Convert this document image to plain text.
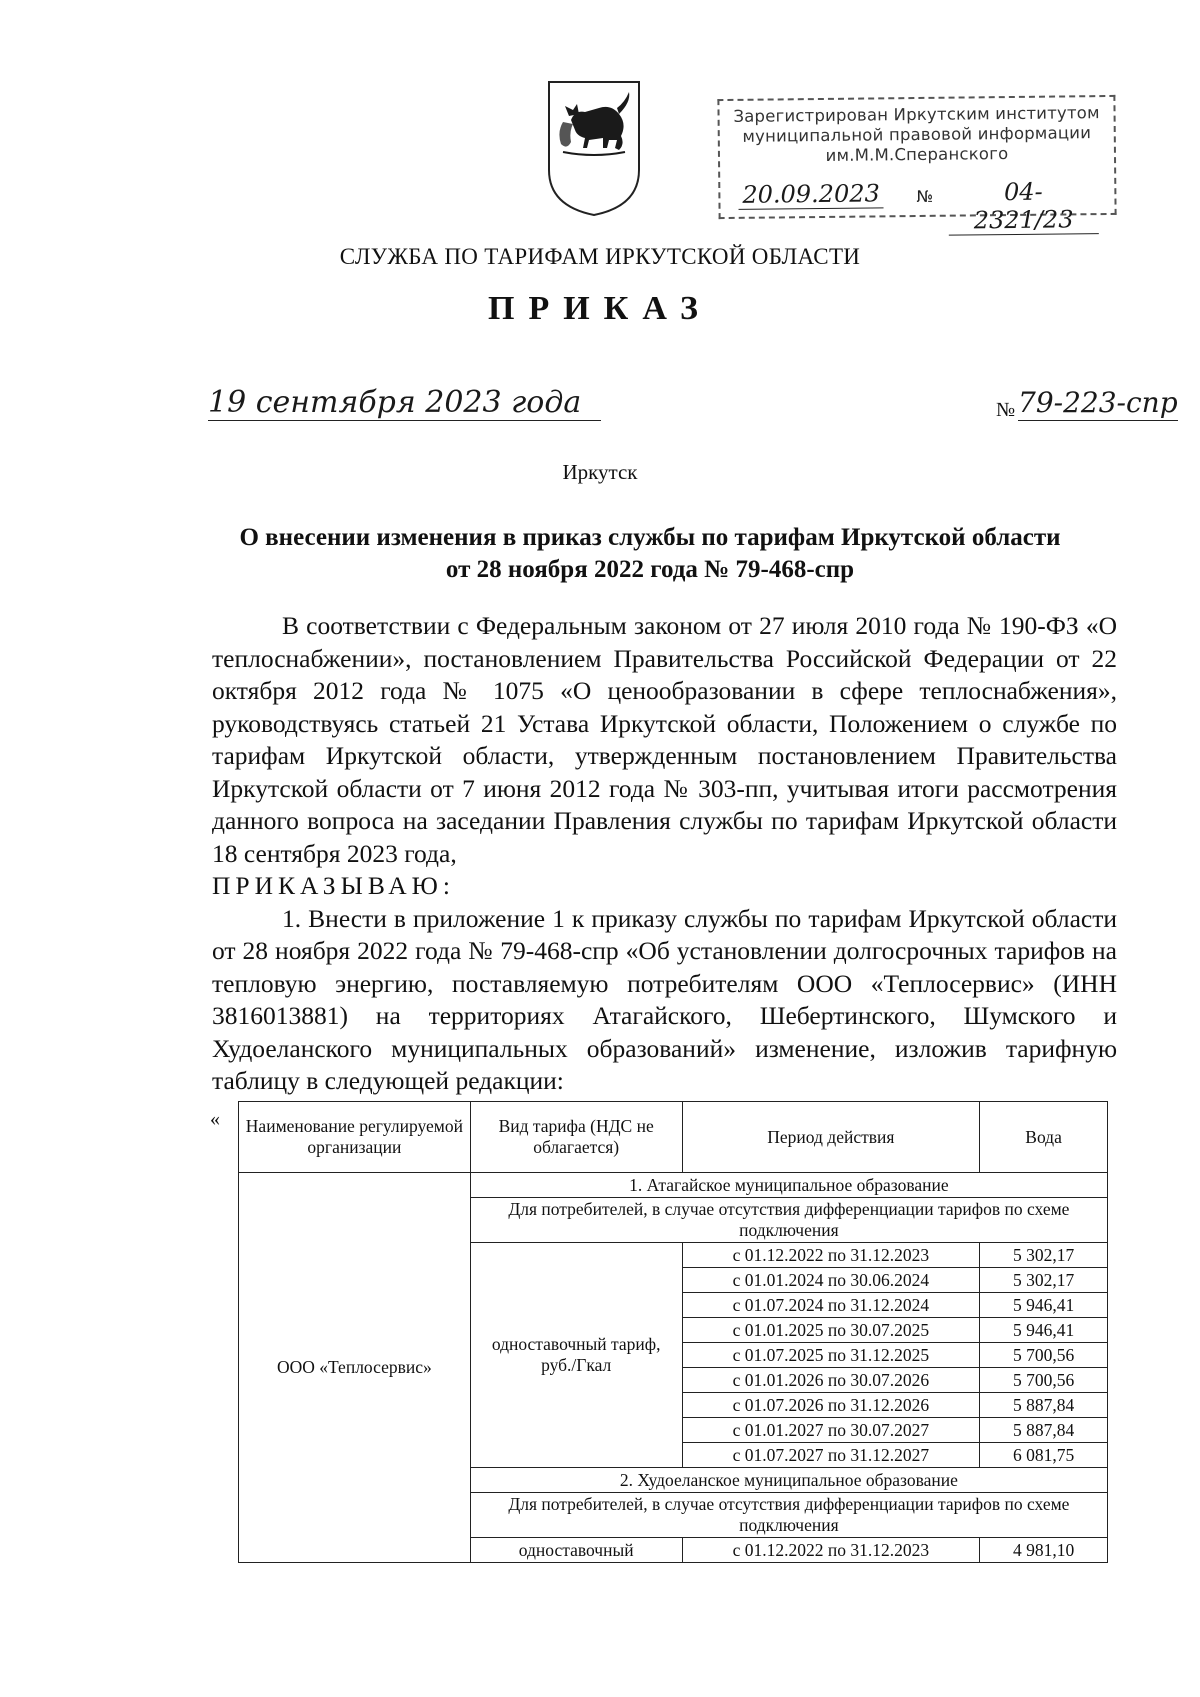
Зарегистрирован Иркутским институтом
муниципальной правовой информации
им.М.М.Сперанского
20.09.2023 №	04-2321/23
СЛУЖБА ПО ТАРИФАМ ИРКУТСКОЙ ОБЛАСТИ
ПРИКАЗ
19 сентября 2023 года	№ 79-223-спр
Иркутск
О внесении изменения в приказ службы по тарифам Иркутской области
от 28 ноября 2022 года № 79-468-спр

В соответствии с Федеральным законом от 27 июля 2010 года № 190-ФЗ «О теплоснабжении», постановлением Правительства Российской Федерации от 22 октября 2012 года № 1075 «О ценообразовании в сфере теплоснабжения», руководствуясь статьей 21 Устава Иркутской области, Положением о службе по тарифам Иркутской области, утвержденным постановлением Правительства Иркутской области от 7 июня 2012 года № 303-пп, учитывая итоги рассмотрения данного вопроса на заседании Правления службы по тарифам Иркутской области 18 сентября 2023 года,

ПРИКАЗЫВАЮ:

1. Внести в приложение 1 к приказу службы по тарифам Иркутской области от 28 ноября 2022 года № 79-468-спр «Об установлении долгосрочных тарифов на тепловую энергию, поставляемую потребителям ООО «Теплосервис» (ИНН 3816013881) на территориях Атагайского, Шебертинского, Шумского и Худоеланского муниципальных образований» изменение, изложив тарифную таблицу в следующей редакции:

« Наименование регулируемой организации	Вид тарифа (НДС не облагается)	Период действия	Вода
ООО «Теплосервис»	1. Атагайское муниципальное образование		
	Для потребителей, в случае отсутствия дифференциации тарифов по схеме подключения		
	одноставочный тариф, руб./Гкал	с 01.12.2022 по 31.12.2023	5 302,17
		с 01.01.2024 по 30.06.2024	5 302,17
		с 01.07.2024 по 31.12.2024	5 946,41
		с 01.01.2025 по 30.07.2025	5 946,41
		с 01.07.2025 по 31.12.2025	5 700,56
		с 01.01.2026 по 30.07.2026	5 700,56
		с 01.07.2026 по 31.12.2026	5 887,84
		с 01.01.2027 по 30.07.2027	5 887,84
		с 01.07.2027 по 31.12.2027	6 081,75
	2. Худоеланское муниципальное образование		
	Для потребителей, в случае отсутствия дифференциации тарифов по схеме подключения		
	одноставочный	с 01.12.2022 по 31.12.2023	4 981,10
